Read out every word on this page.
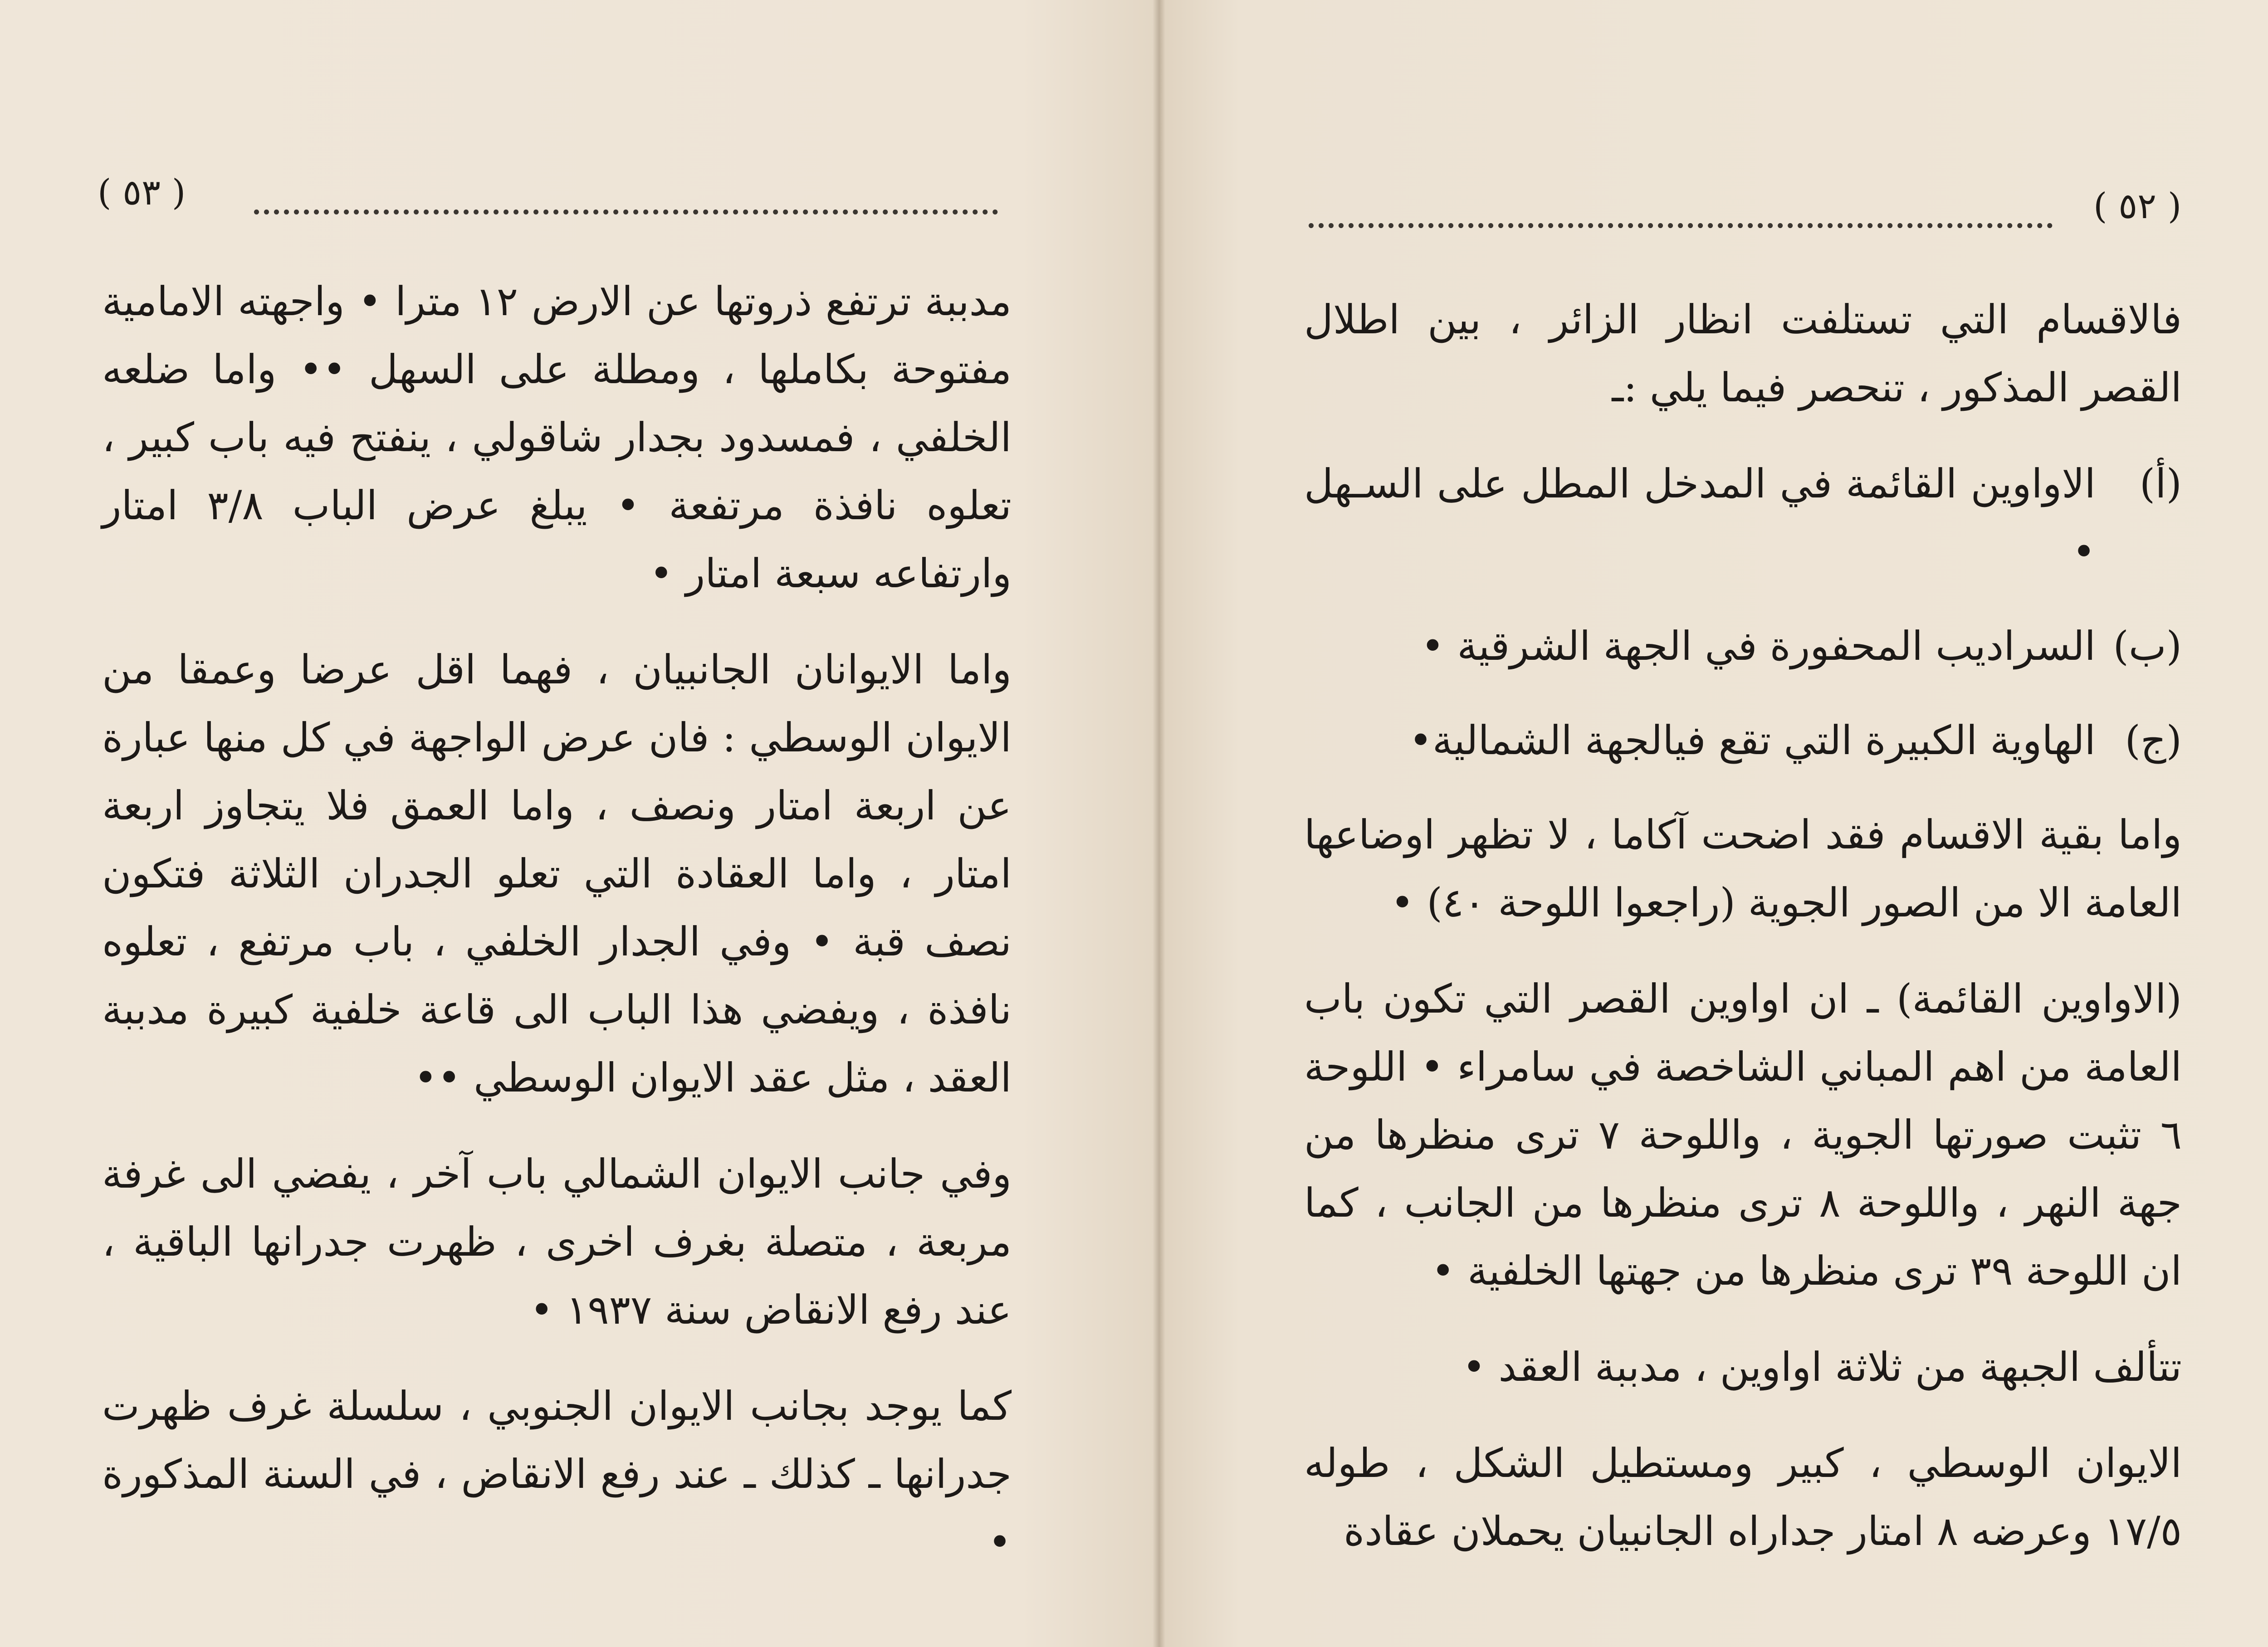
( ٥٣ )

مدببة ترتفع ذروتها عن الارض ١٢ مترا • واجهته الامامية مفتوحة بكاملها ، ومطلة على السهل •• واما ضلعه الخلفي ، فمسدود بجدار شاقولي ، ينفتح فيه باب كبير ، تعلوه نافذة مرتفعة • يبلغ عرض الباب ٣/٨ امتار وارتفاعه سبعة امتار •

واما الايوانان الجانبيان ، فهما اقل عرضا وعمقا من الايوان الوسطي : فان عرض الواجهة في كل منها عبارة عن اربعة امتار ونصف ، واما العمق فلا يتجاوز اربعة امتار ، واما العقادة التي تعلو الجدران الثلاثة فتكون نصف قبة • وفي الجدار الخلفي ، باب مرتفع ، تعلوه نافذة ، ويفضي هذا الباب الى قاعة خلفية كبيرة مدببة العقد ، مثل عقد الايوان الوسطي ••

وفي جانب الايوان الشمالي باب آخر ، يفضي الى غرفة مربعة ، متصلة بغرف اخرى ، ظهرت جدرانها الباقية ، عند رفع الانقاض سنة ١٩٣٧ •

كما يوجد بجانب الايوان الجنوبي ، سلسلة غرف ظهرت جدرانها ـ كذلك ـ عند رفع الانقاض ، في السنة المذكورة •

( ٥٢ )

فالاقسام التي تستلفت انظار الزائر ، بين اطلال القصر المذكور ، تنحصر فيما يلي :ـ

(أ)
الاواوين القائمة في المدخل المطل على السـهل •
(ب)
السراديب المحفورة في الجهة الشرقية •
(ج)
الهاوية الكبيرة التي تقع فيالجهة الشمالية•

واما بقية الاقسام فقد اضحت آكاما ، لا تظهر اوضاعها العامة الا من الصور الجوية (راجعوا اللوحة ٤٠) •

(الاواوين القائمة) ـ ان اواوين القصر التي تكون باب العامة من اهم المباني الشاخصة في سامراء • اللوحة ٦ تثبت صورتها الجوية ، واللوحة ٧ ترى منظرها من جهة النهر ، واللوحة ٨ ترى منظرها من الجانب ، كما ان اللوحة ٣٩ ترى منظرها من جهتها الخلفية •

تتألف الجبهة من ثلاثة اواوين ، مدببة العقد •

الايوان الوسطي ، كبير ومستطيل الشكل ، طوله ١٧/٥ وعرضه ٨ امتار جداراه الجانبيان يحملان عقادة
